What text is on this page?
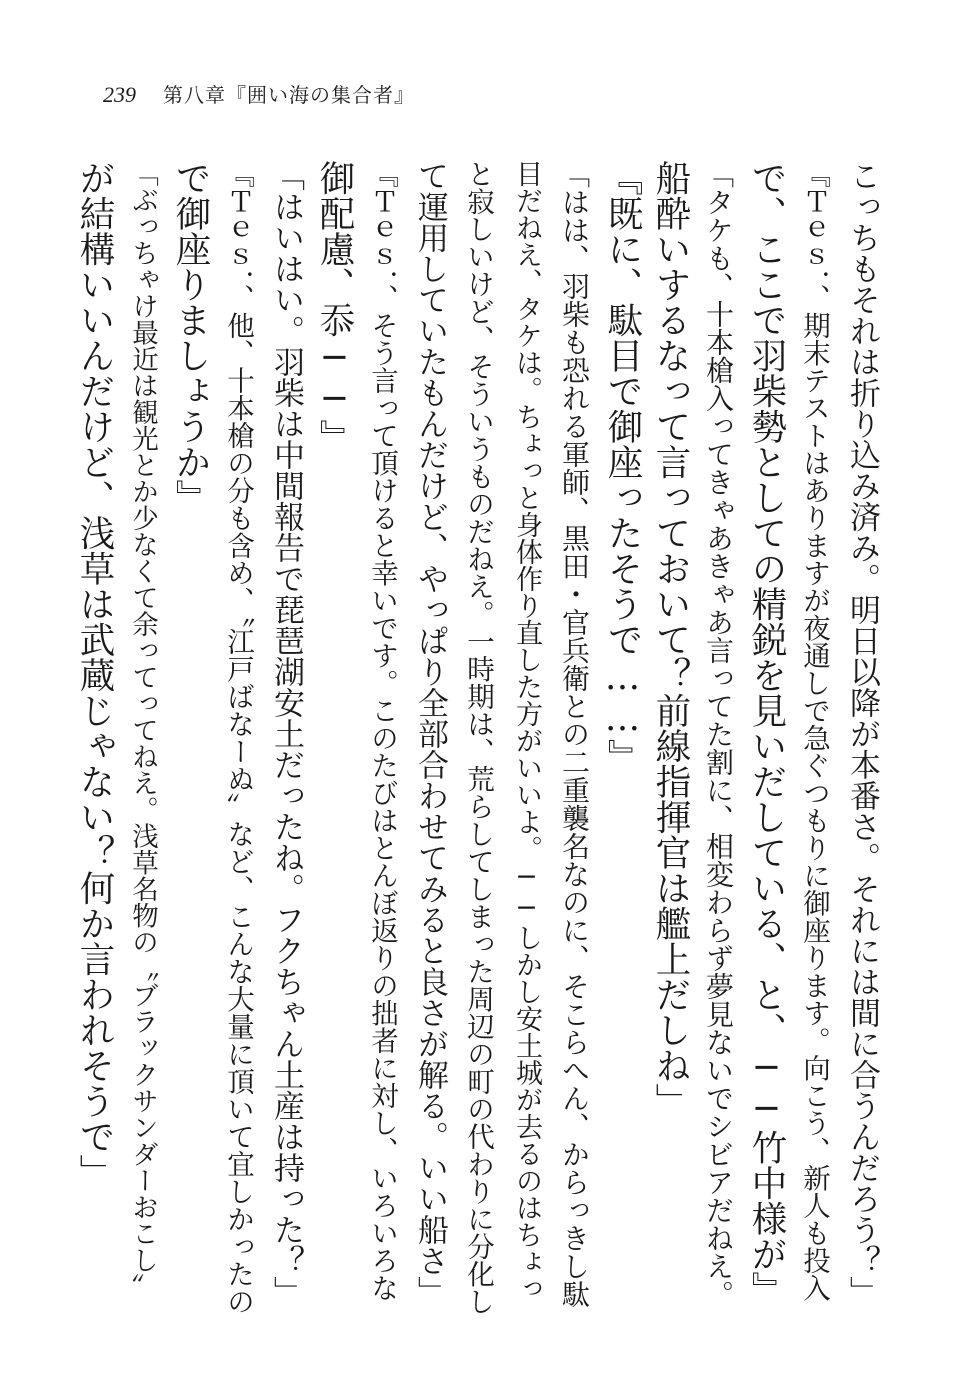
239 第八章『囲い海の集合者』
こっちもそれは折り込み済み。明日以降が本番さ。それには間に合うんだろう？」
『Ｔｅｓ．、期末テストはありますが夜通しで急ぐつもりに御座ります。向こう、新人も投入
で、ここで羽柴勢としての精鋭を見いだしている、と、──竹中様が』
「タケも、十本槍入ってきゃあきゃあ言ってた割に、相変わらず夢見ないでシビアだねえ。
船酔いするなって言っておいて？前線指揮官は艦上だしね」
『既に、駄目で御座ったそうで……』
「はは、羽柴も恐れる軍師、黒田・官兵衛との二重襲名なのに、そこらへん、からっきし駄
目だねえ、タケは。ちょっと身体作り直した方がいいよ。──しかし安土城が去るのはちょっ
と寂しいけど、そういうものだねえ。一時期は、荒らしてしまった周辺の町の代わりに分化し
て運用していたもんだけど、やっぱり全部合わせてみると良さが解る。いい船さ」
『Ｔｅｓ．、そう言って頂けると幸いです。このたびはとんぼ返りの拙者に対し、いろいろな
御配慮、忝──』
「はいはい。羽柴は中間報告で琵琶湖安土だったね。フクちゃん土産は持った？」
『Ｔｅｓ．、他、十本槍の分も含め、〝江戸ばなーぬ〟など、こんな大量に頂いて宜しかったの
で御座りましょうか』
「ぶっちゃけ最近は観光とか少なくて余ってってねえ。浅草名物の〝ブラックサンダーおこし〟
が結構いいんだけど、浅草は武蔵じゃない？何か言われそうで」
